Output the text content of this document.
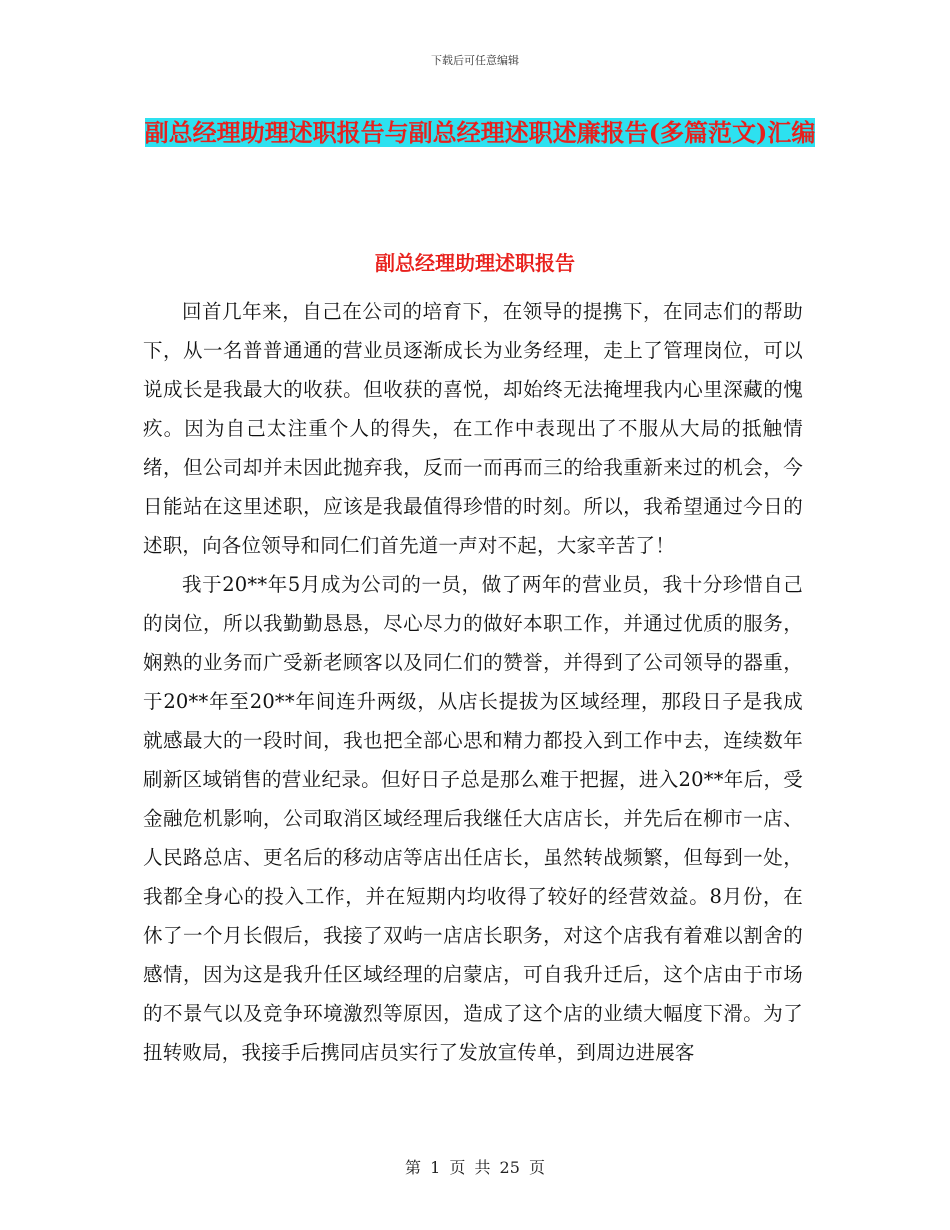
下载后可任意编辑
副总经理助理述职报告与副总经理述职述廉报告(多篇范文)汇编
副总经理助理述职报告

回首几年来，自己在公司的培育下，在领导的提携下，在同志们的帮助下，从一名普普通通的营业员逐渐成长为业务经理，走上了管理岗位，可以说成长是我最大的收获。但收获的喜悦，却始终无法掩埋我内心里深藏的愧疚。因为自己太注重个人的得失，在工作中表现出了不服从大局的抵触情绪，但公司却并未因此抛弃我，反而一而再而三的给我重新来过的机会，今日能站在这里述职，应该是我最值得珍惜的时刻。所以，我希望通过今日的述职，向各位领导和同仁们首先道一声对不起，大家辛苦了！

我于20**年5月成为公司的一员，做了两年的营业员，我十分珍惜自己的岗位，所以我勤勤恳恳，尽心尽力的做好本职工作，并通过优质的服务，娴熟的业务而广受新老顾客以及同仁们的赞誉，并得到了公司领导的器重，于20**年至20**年间连升两级，从店长提拔为区域经理，那段日子是我成就感最大的一段时间，我也把全部心思和精力都投入到工作中去，连续数年刷新区域销售的营业纪录。但好日子总是那么难于把握，进入20**年后，受金融危机影响，公司取消区域经理后我继任大店店长，并先后在柳市一店、人民路总店、更名后的移动店等店出任店长，虽然转战频繁，但每到一处，我都全身心的投入工作，并在短期内均收得了较好的经营效益。8月份，在休了一个月长假后，我接了双屿一店店长职务，对这个店我有着难以割舍的感情，因为这是我升任区域经理的启蒙店，可自我升迁后，这个店由于市场的不景气以及竞争环境激烈等原因，造成了这个店的业绩大幅度下滑。为了扭转败局，我接手后携同店员实行了发放宣传单，到周边进展客

第 1 页 共 25 页
